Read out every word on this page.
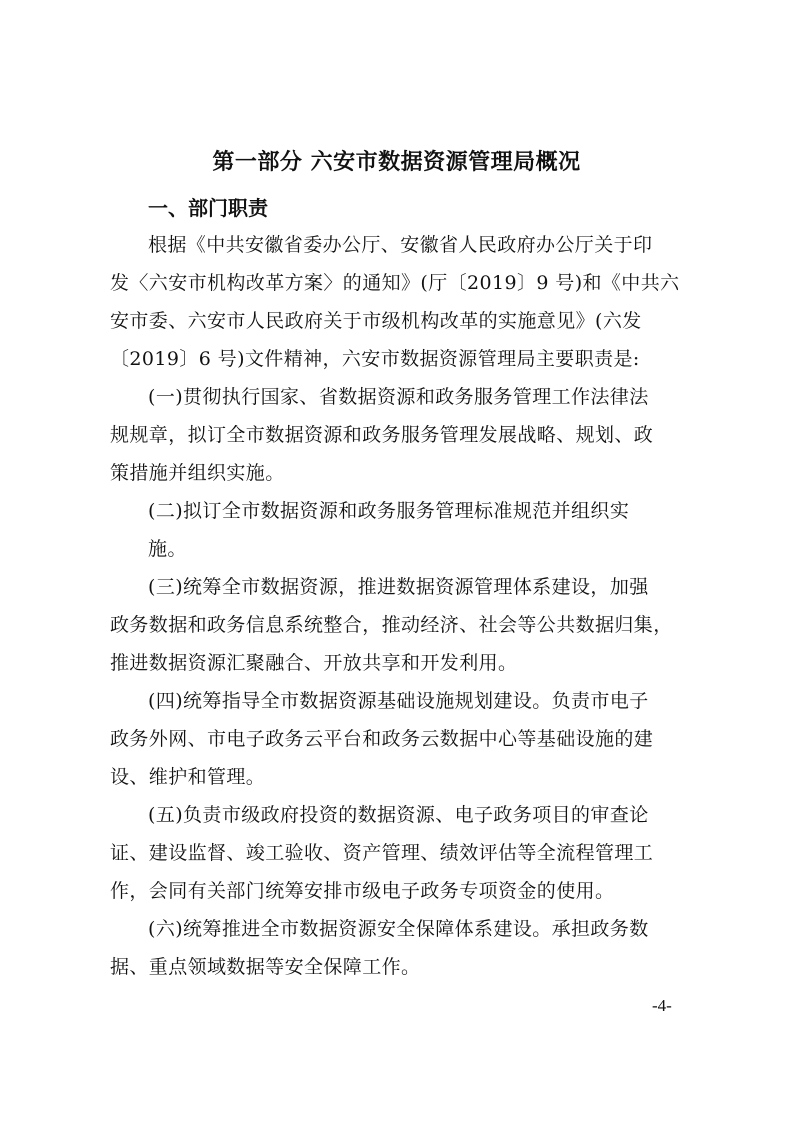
第一部分 六安市数据资源管理局概况
一、部门职责
根据《中共安徽省委办公厅、安徽省人民政府办公厅关于印
发〈六安市机构改革方案〉的通知》(厅〔2019〕9 号)和《中共六
安市委、六安市人民政府关于市级机构改革的实施意见》(六发
〔2019〕6 号)文件精神，六安市数据资源管理局主要职责是:
(一)贯彻执行国家、省数据资源和政务服务管理工作法律法
规规章，拟订全市数据资源和政务服务管理发展战略、规划、政
策措施并组织实施。
(二)拟订全市数据资源和政务服务管理标准规范并组织实
施。
(三)统筹全市数据资源，推进数据资源管理体系建设，加强
政务数据和政务信息系统整合，推动经济、社会等公共数据归集，
推进数据资源汇聚融合、开放共享和开发利用。
(四)统筹指导全市数据资源基础设施规划建设。负责市电子
政务外网、市电子政务云平台和政务云数据中心等基础设施的建
设、维护和管理。
(五)负责市级政府投资的数据资源、电子政务项目的审查论
证、建设监督、竣工验收、资产管理、绩效评估等全流程管理工
作，会同有关部门统筹安排市级电子政务专项资金的使用。
(六)统筹推进全市数据资源安全保障体系建设。承担政务数
据、重点领域数据等安全保障工作。
-4-
